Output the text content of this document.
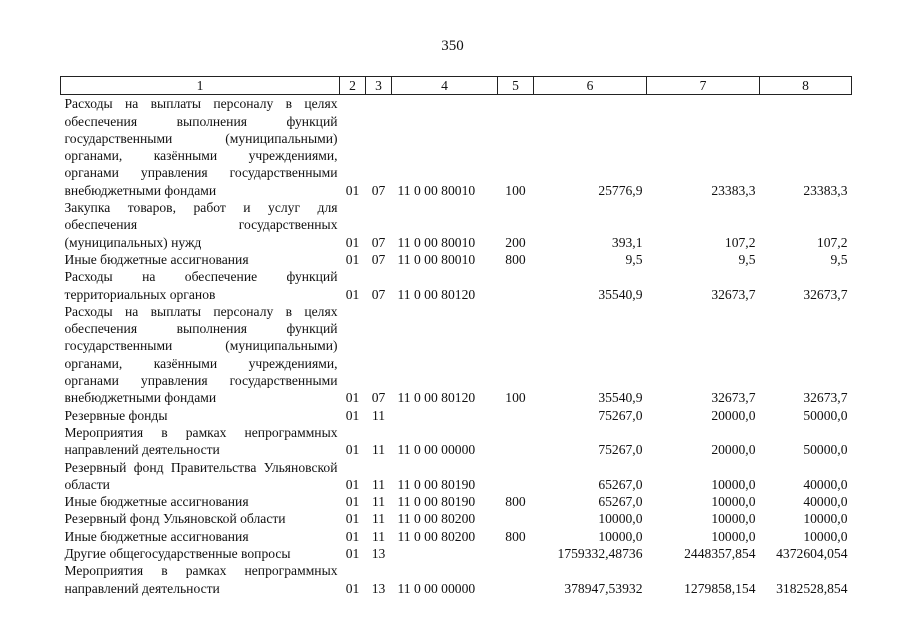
350
1	2	3	4	5	6	7	8
Расходы на выплаты персоналу в целях обеспечения выполнения функций государственными (муниципальными) органами, казёнными учреждениями, органами управления государственными внебюджетными фондами	01	07	11 0 00 80010	100	25776,9	23383,3	23383,3
Закупка товаров, работ и услуг для обеспечения государственных (муниципальных) нужд	01	07	11 0 00 80010	200	393,1	107,2	107,2
Иные бюджетные ассигнования	01	07	11 0 00 80010	800	9,5	9,5	9,5
Расходы на обеспечение функций территориальных органов	01	07	11 0 00 80120		35540,9	32673,7	32673,7
Расходы на выплаты персоналу в целях обеспечения выполнения функций государственными (муниципальными) органами, казёнными учреждениями, органами управления государственными внебюджетными фондами	01	07	11 0 00 80120	100	35540,9	32673,7	32673,7
Резервные фонды	01	11			75267,0	20000,0	50000,0
Мероприятия в рамках непрограммных направлений деятельности	01	11	11 0 00 00000		75267,0	20000,0	50000,0
Резервный фонд Правительства Ульяновской области	01	11	11 0 00 80190		65267,0	10000,0	40000,0
Иные бюджетные ассигнования	01	11	11 0 00 80190	800	65267,0	10000,0	40000,0
Резервный фонд Ульяновской области	01	11	11 0 00 80200		10000,0	10000,0	10000,0
Иные бюджетные ассигнования	01	11	11 0 00 80200	800	10000,0	10000,0	10000,0
Другие общегосударственные вопросы	01	13			1759332,48736	2448357,854	4372604,054
Мероприятия в рамках непрограммных направлений деятельности	01	13	11 0 00 00000		378947,53932	1279858,154	3182528,854
